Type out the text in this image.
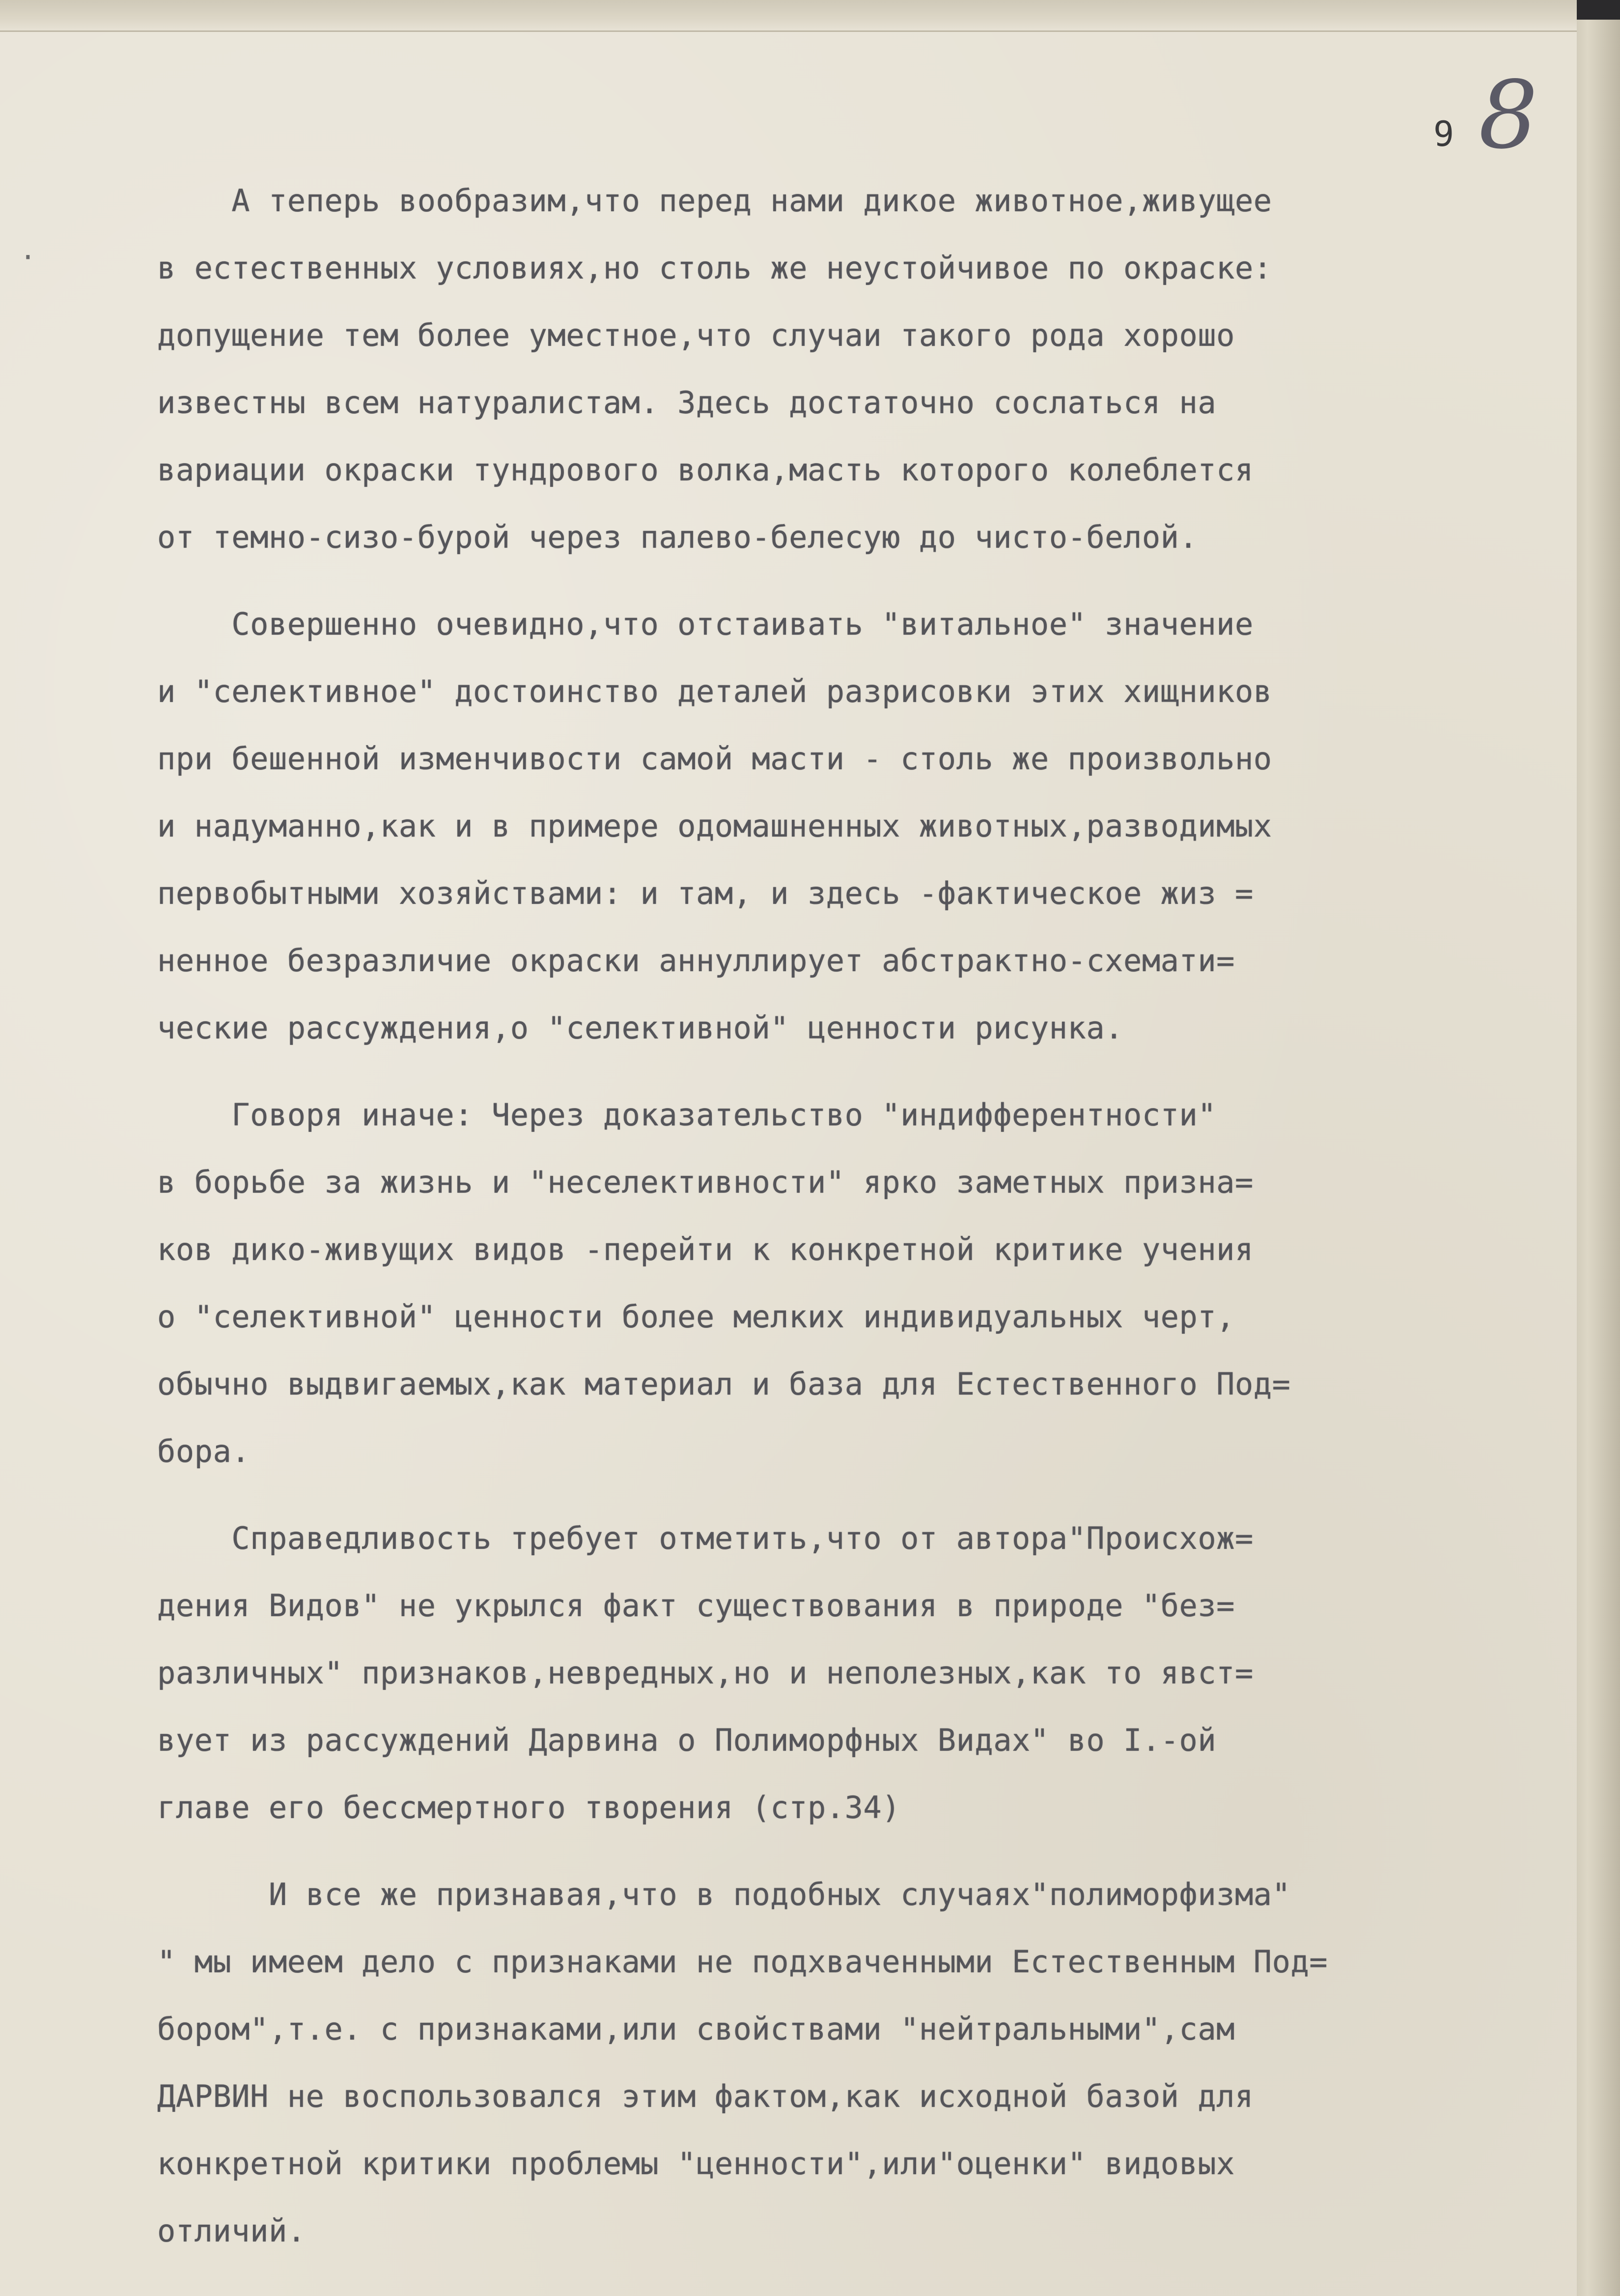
9 8
·
А теперь вообразим,что перед нами дикое животное,живущее
в естественных условиях,но столь же неустойчивое по окраске:
допущение тем более уместное,что случаи такого рода хорошо
известны всем натуралистам. Здесь достаточно сослаться на
вариации окраски тундрового волка,масть которого колеблется
от темно-сизо-бурой через палево-белесую до чисто-белой.
Совершенно очевидно,что отстаивать "витальное" значение
и "селективное" достоинство деталей разрисовки этих хищников
при бешенной изменчивости самой масти - столь же произвольно
и надуманно,как и в примере одомашненных животных,разводимых
первобытными хозяйствами: и там, и здесь -фактическое жиз =
ненное безразличие окраски аннуллирует абстрактно-схемати=
ческие рассуждения,о "селективной" ценности рисунка.
Говоря иначе: Через доказательство "индифферентности"
в борьбе за жизнь и "неселективности" ярко заметных призна=
ков дико-живущих видов -перейти к конкретной критике учения
о "селективной" ценности более мелких индивидуальных черт,
обычно выдвигаемых,как материал и база для Естественного Под=
бора.
Справедливость требует отметить,что от автора"Происхож=
дения Видов" не укрылся факт существования в природе "без=
различных" признаков,невредных,но и неполезных,как то явст=
вует из рассуждений Дарвина о Полиморфных Видах" во I.-ой
главе его бессмертного творения (стр.34)
И все же признавая,что в подобных случаях"полиморфизма"
" мы имеем дело с признаками не подхваченными Естественным Под=
бором",т.е. с признаками,или свойствами "нейтральными",сам
ДАРВИН не воспользовался этим фактом,как исходной базой для
конкретной критики проблемы "ценности",или"оценки" видовых
отличий.
